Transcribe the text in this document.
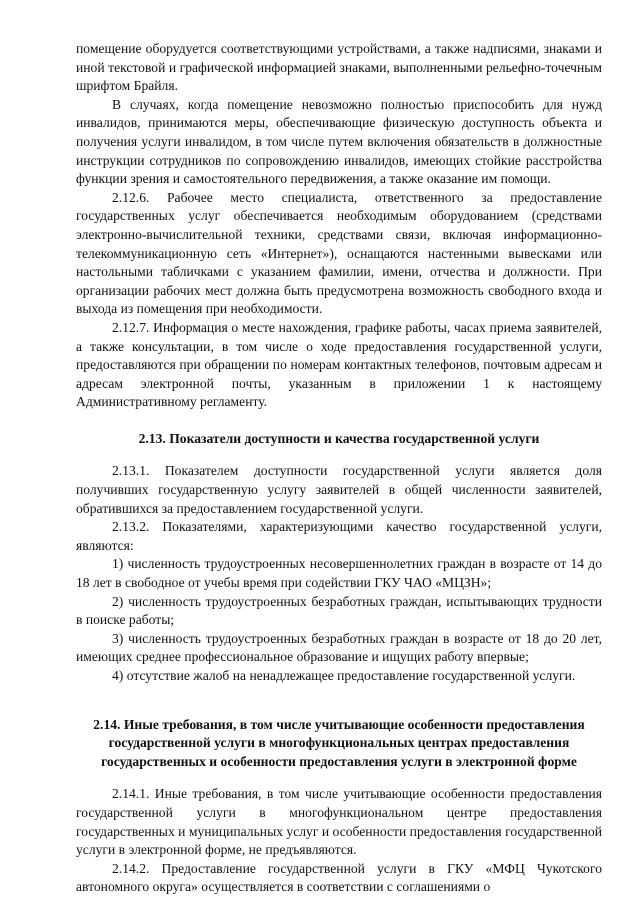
помещение оборудуется соответствующими устройствами, а также надписями, знаками и иной текстовой и графической информацией знаками, выполненными рельефно-точечным шрифтом Брайля.

В случаях, когда помещение невозможно полностью приспособить для нужд инвалидов, принимаются меры, обеспечивающие физическую доступность объекта и получения услуги инвалидом, в том числе путем включения обязательств в должностные инструкции сотрудников по сопровождению инвалидов, имеющих стойкие расстройства функции зрения и самостоятельного передвижения, а также оказание им помощи.

2.12.6. Рабочее место специалиста, ответственного за предоставление государственных услуг обеспечивается необходимым оборудованием (средствами электронно-вычислительной техники, средствами связи, включая информационно-телекоммуникационную сеть «Интернет»), оснащаются настенными вывесками или настольными табличками с указанием фамилии, имени, отчества и должности. При организации рабочих мест должна быть предусмотрена возможность свободного входа и выхода из помещения при необходимости.

2.12.7. Информация о месте нахождения, графике работы, часах приема заявителей, а также консультации, в том числе о ходе предоставления государственной услуги, предоставляются при обращении по номерам контактных телефонов, почтовым адресам и адресам электронной почты, указанным в приложении 1 к настоящему Административному регламенту.

2.13. Показатели доступности и качества государственной услуги

2.13.1. Показателем доступности государственной услуги является доля получивших государственную услугу заявителей в общей численности заявителей, обратившихся за предоставлением государственной услуги.

2.13.2. Показателями, характеризующими качество государственной услуги, являются:

1) численность трудоустроенных несовершеннолетних граждан в возрасте от 14 до 18 лет в свободное от учебы время при содействии ГКУ ЧАО «МЦЗН»;

2) численность трудоустроенных безработных граждан, испытывающих трудности в поиске работы;

3) численность трудоустроенных безработных граждан в возрасте от 18 до 20 лет, имеющих среднее профессиональное образование и ищущих работу впервые;

4) отсутствие жалоб на ненадлежащее предоставление государственной услуги.

2.14. Иные требования, в том числе учитывающие особенности предоставления государственной услуги в многофункциональных центрах предоставления государственных и особенности предоставления услуги в электронной форме

2.14.1. Иные требования, в том числе учитывающие особенности предоставления государственной услуги в многофункциональном центре предоставления государственных и муниципальных услуг и особенности предоставления государственной услуги в электронной форме, не предъявляются.

2.14.2. Предоставление государственной услуги в ГКУ «МФЦ Чукотского автономного округа» осуществляется в соответствии с соглашениями о
